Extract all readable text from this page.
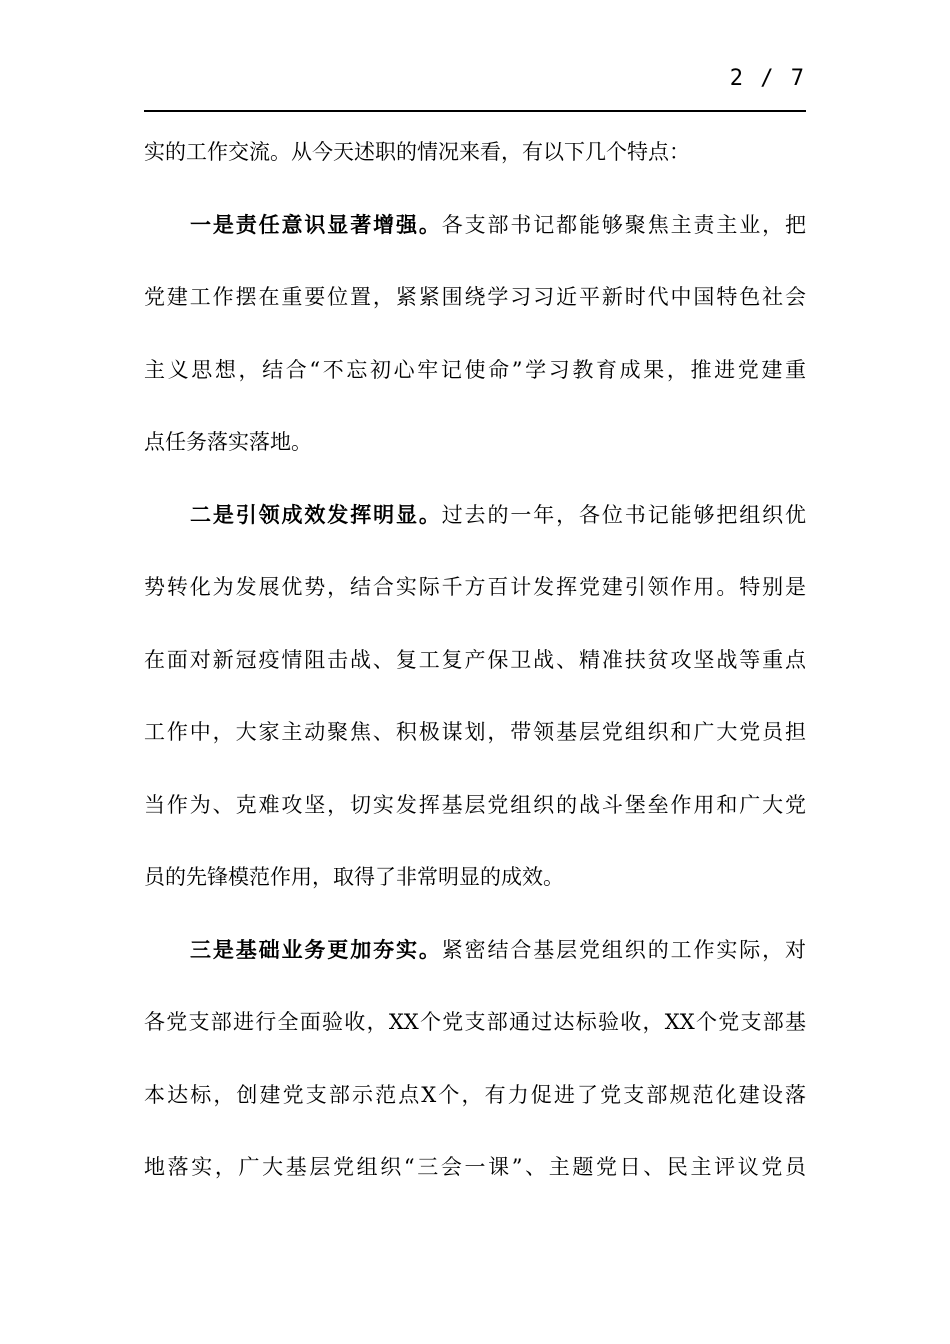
2 / 7
实的工作交流。从今天述职的情况来看，有以下几个特点：
一是责任意识显著增强。各支部书记都能够聚焦主责主业，把
党建工作摆在重要位置，紧紧围绕学习习近平新时代中国特色社会
主义思想，结合“不忘初心牢记使命”学习教育成果，推进党建重
点任务落实落地。
二是引领成效发挥明显。过去的一年，各位书记能够把组织优
势转化为发展优势，结合实际千方百计发挥党建引领作用。特别是
在面对新冠疫情阻击战、复工复产保卫战、精准扶贫攻坚战等重点
工作中，大家主动聚焦、积极谋划，带领基层党组织和广大党员担
当作为、克难攻坚，切实发挥基层党组织的战斗堡垒作用和广大党
员的先锋模范作用，取得了非常明显的成效。
三是基础业务更加夯实。紧密结合基层党组织的工作实际，对
各党支部进行全面验收，XX个党支部通过达标验收，XX个党支部基
本达标，创建党支部示范点X个，有力促进了党支部规范化建设落
地落实，广大基层党组织“三会一课”、主题党日、民主评议党员
